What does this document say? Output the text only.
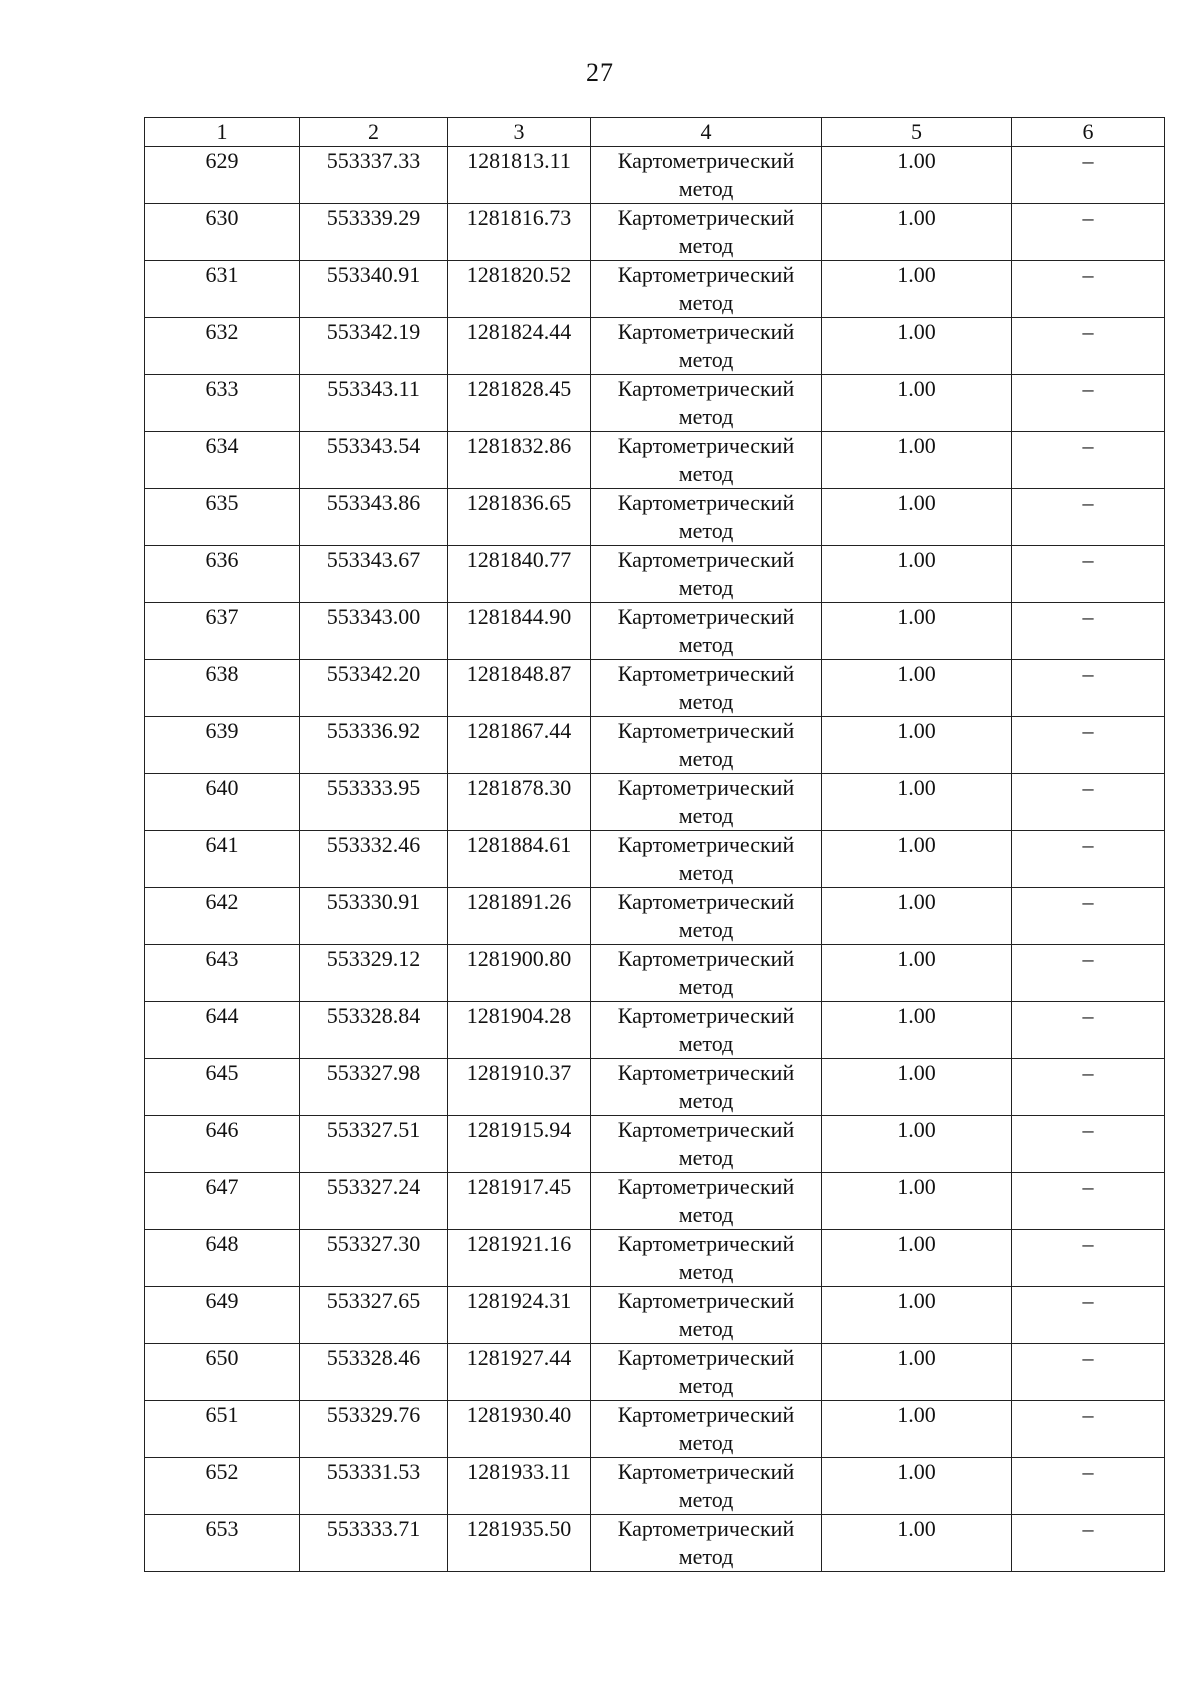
27
1	2	3	4	5	6
629	553337.33	1281813.11	Картометрический метод	1.00	–
630	553339.29	1281816.73	Картометрический метод	1.00	–
631	553340.91	1281820.52	Картометрический метод	1.00	–
632	553342.19	1281824.44	Картометрический метод	1.00	–
633	553343.11	1281828.45	Картометрический метод	1.00	–
634	553343.54	1281832.86	Картометрический метод	1.00	–
635	553343.86	1281836.65	Картометрический метод	1.00	–
636	553343.67	1281840.77	Картометрический метод	1.00	–
637	553343.00	1281844.90	Картометрический метод	1.00	–
638	553342.20	1281848.87	Картометрический метод	1.00	–
639	553336.92	1281867.44	Картометрический метод	1.00	–
640	553333.95	1281878.30	Картометрический метод	1.00	–
641	553332.46	1281884.61	Картометрический метод	1.00	–
642	553330.91	1281891.26	Картометрический метод	1.00	–
643	553329.12	1281900.80	Картометрический метод	1.00	–
644	553328.84	1281904.28	Картометрический метод	1.00	–
645	553327.98	1281910.37	Картометрический метод	1.00	–
646	553327.51	1281915.94	Картометрический метод	1.00	–
647	553327.24	1281917.45	Картометрический метод	1.00	–
648	553327.30	1281921.16	Картометрический метод	1.00	–
649	553327.65	1281924.31	Картометрический метод	1.00	–
650	553328.46	1281927.44	Картометрический метод	1.00	–
651	553329.76	1281930.40	Картометрический метод	1.00	–
652	553331.53	1281933.11	Картометрический метод	1.00	–
653	553333.71	1281935.50	Картометрический метод	1.00	–
